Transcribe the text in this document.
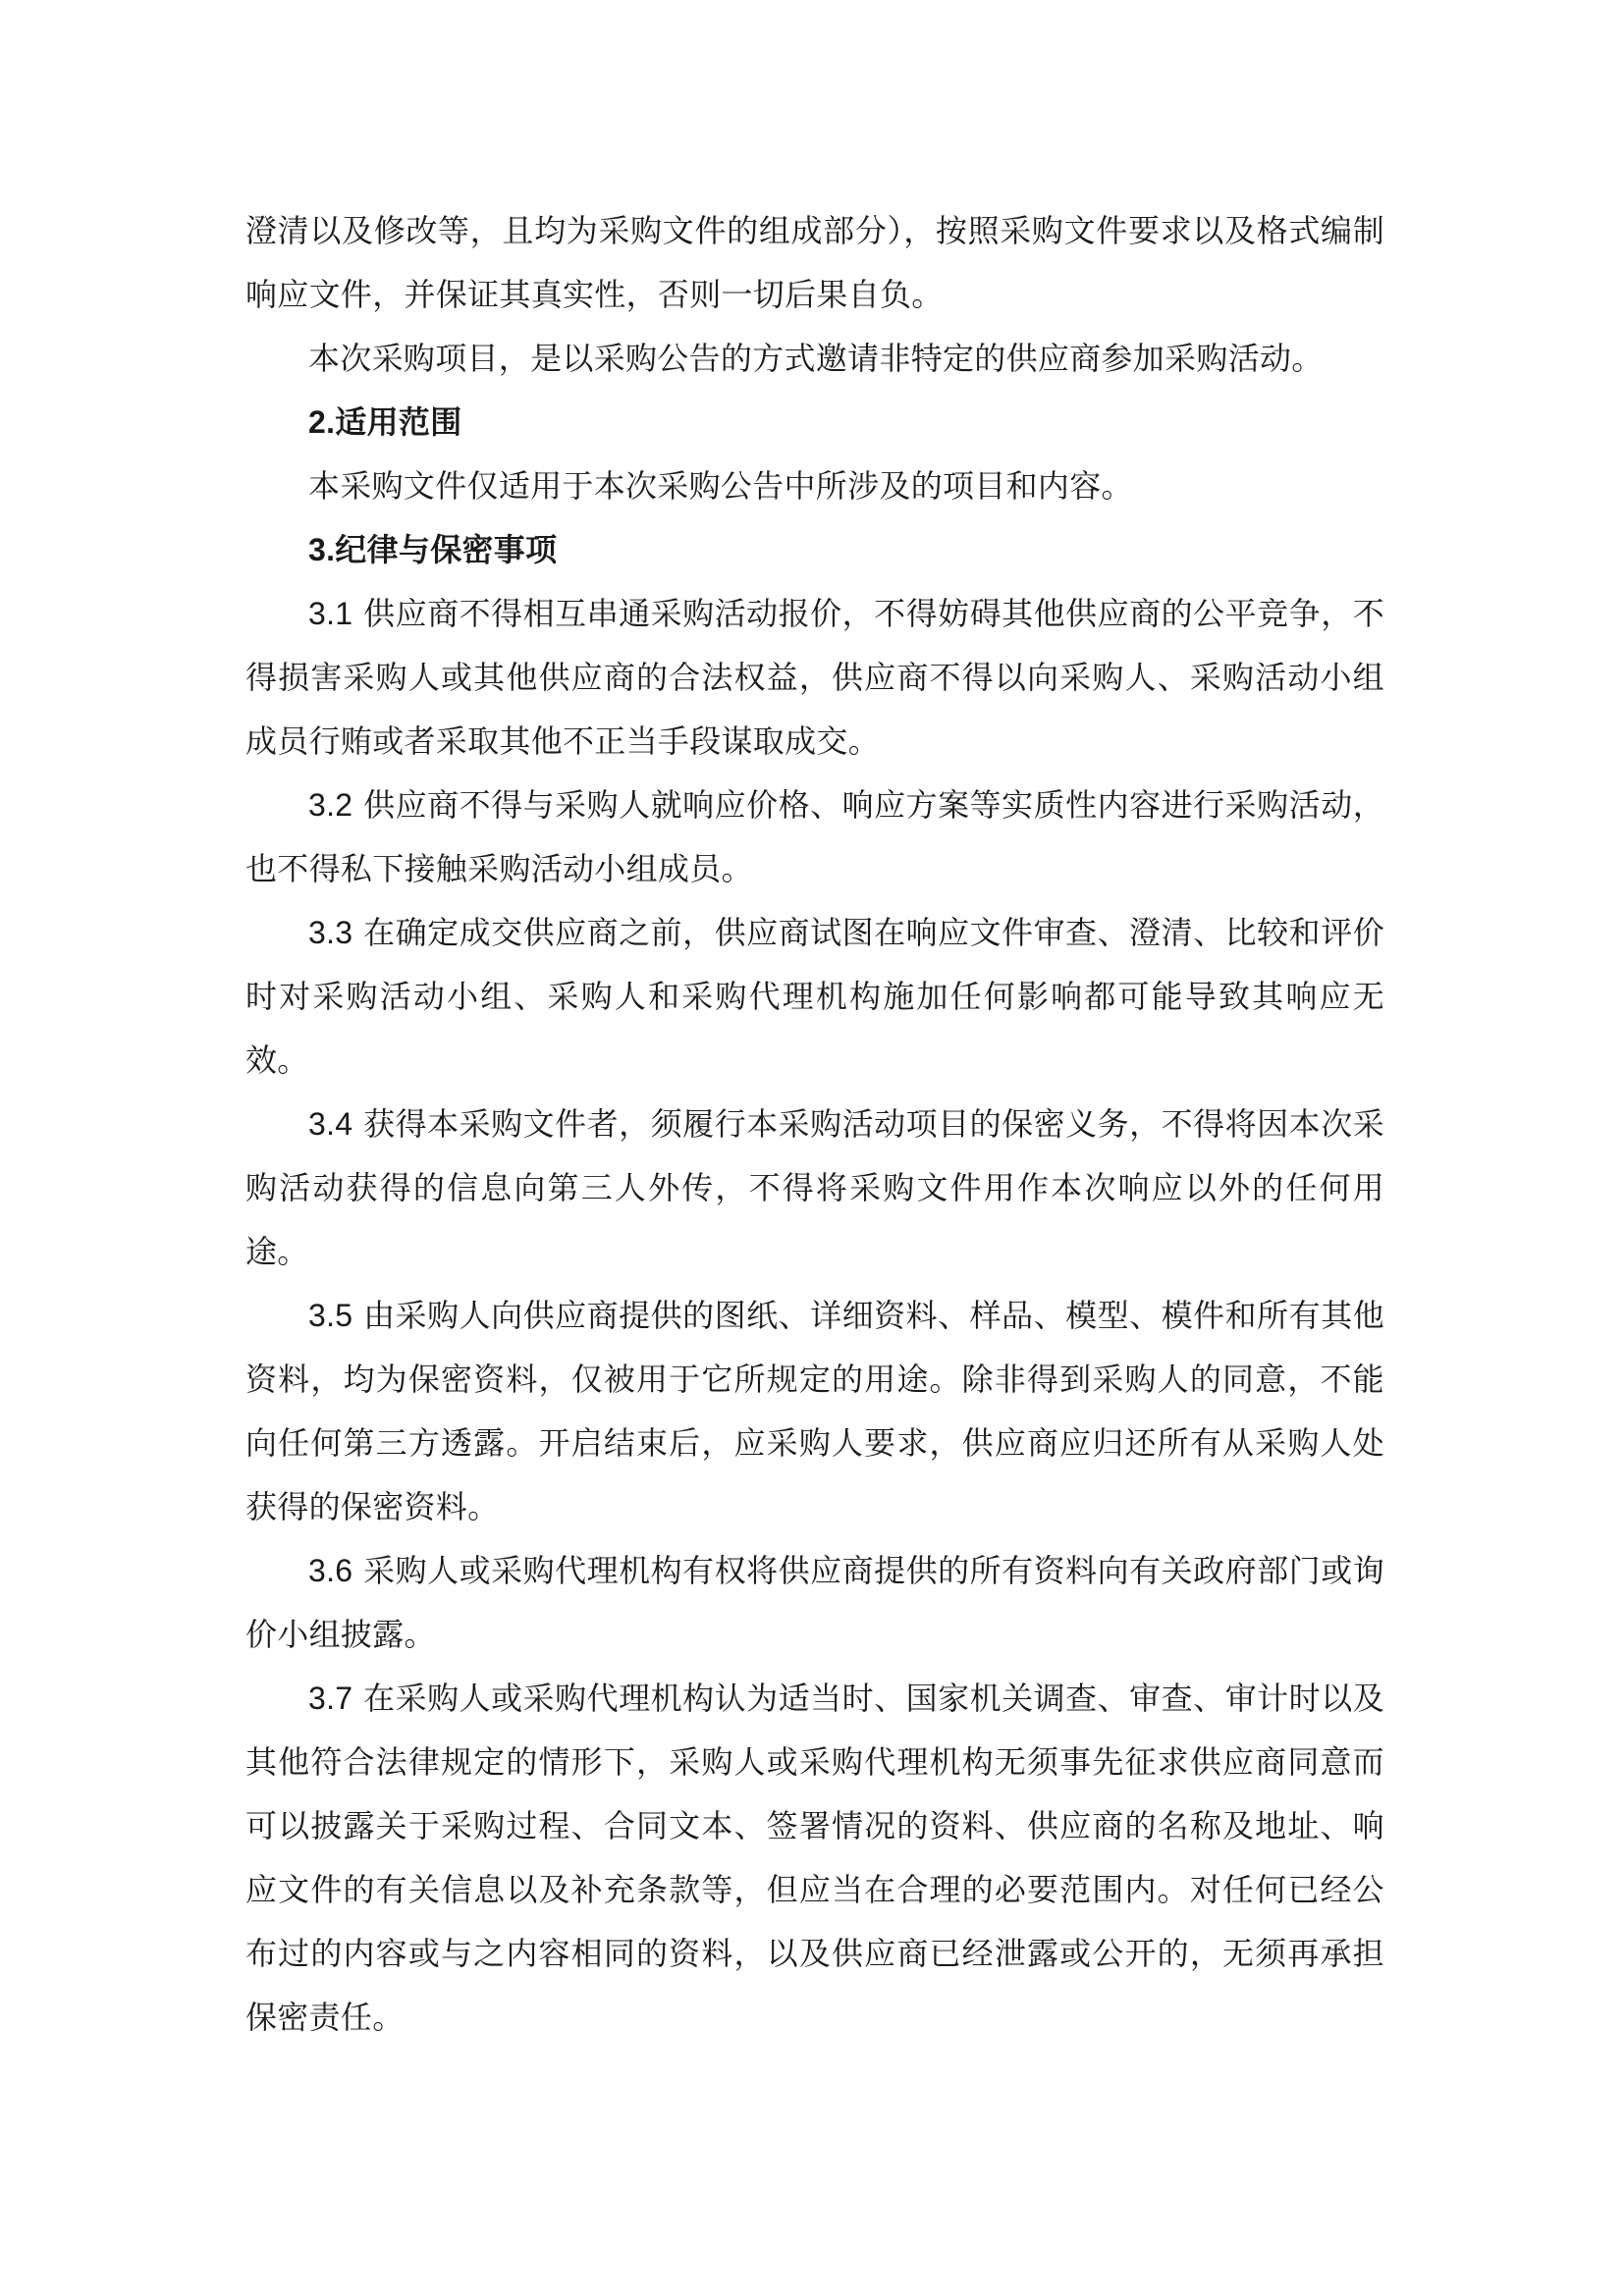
澄清以及修改等，且均为采购文件的组成部分），按照采购文件要求以及格式编制响应文件，并保证其真实性，否则一切后果自负。

本次采购项目，是以采购公告的方式邀请非特定的供应商参加采购活动。

2.适用范围

本采购文件仅适用于本次采购公告中所涉及的项目和内容。

3.纪律与保密事项

3.1 供应商不得相互串通采购活动报价，不得妨碍其他供应商的公平竞争，不得损害采购人或其他供应商的合法权益，供应商不得以向采购人、采购活动小组成员行贿或者采取其他不正当手段谋取成交。

3.2 供应商不得与采购人就响应价格、响应方案等实质性内容进行采购活动，也不得私下接触采购活动小组成员。

3.3 在确定成交供应商之前，供应商试图在响应文件审查、澄清、比较和评价时对采购活动小组、采购人和采购代理机构施加任何影响都可能导致其响应无效。

3.4 获得本采购文件者，须履行本采购活动项目的保密义务，不得将因本次采购活动获得的信息向第三人外传，不得将采购文件用作本次响应以外的任何用途。

3.5 由采购人向供应商提供的图纸、详细资料、样品、模型、模件和所有其他资料，均为保密资料，仅被用于它所规定的用途。除非得到采购人的同意，不能向任何第三方透露。开启结束后，应采购人要求，供应商应归还所有从采购人处获得的保密资料。

3.6 采购人或采购代理机构有权将供应商提供的所有资料向有关政府部门或询价小组披露。

3.7 在采购人或采购代理机构认为适当时、国家机关调查、审查、审计时以及其他符合法律规定的情形下，采购人或采购代理机构无须事先征求供应商同意而可以披露关于采购过程、合同文本、签署情况的资料、供应商的名称及地址、响应文件的有关信息以及补充条款等，但应当在合理的必要范围内。对任何已经公布过的内容或与之内容相同的资料，以及供应商已经泄露或公开的，无须再承担保密责任。
